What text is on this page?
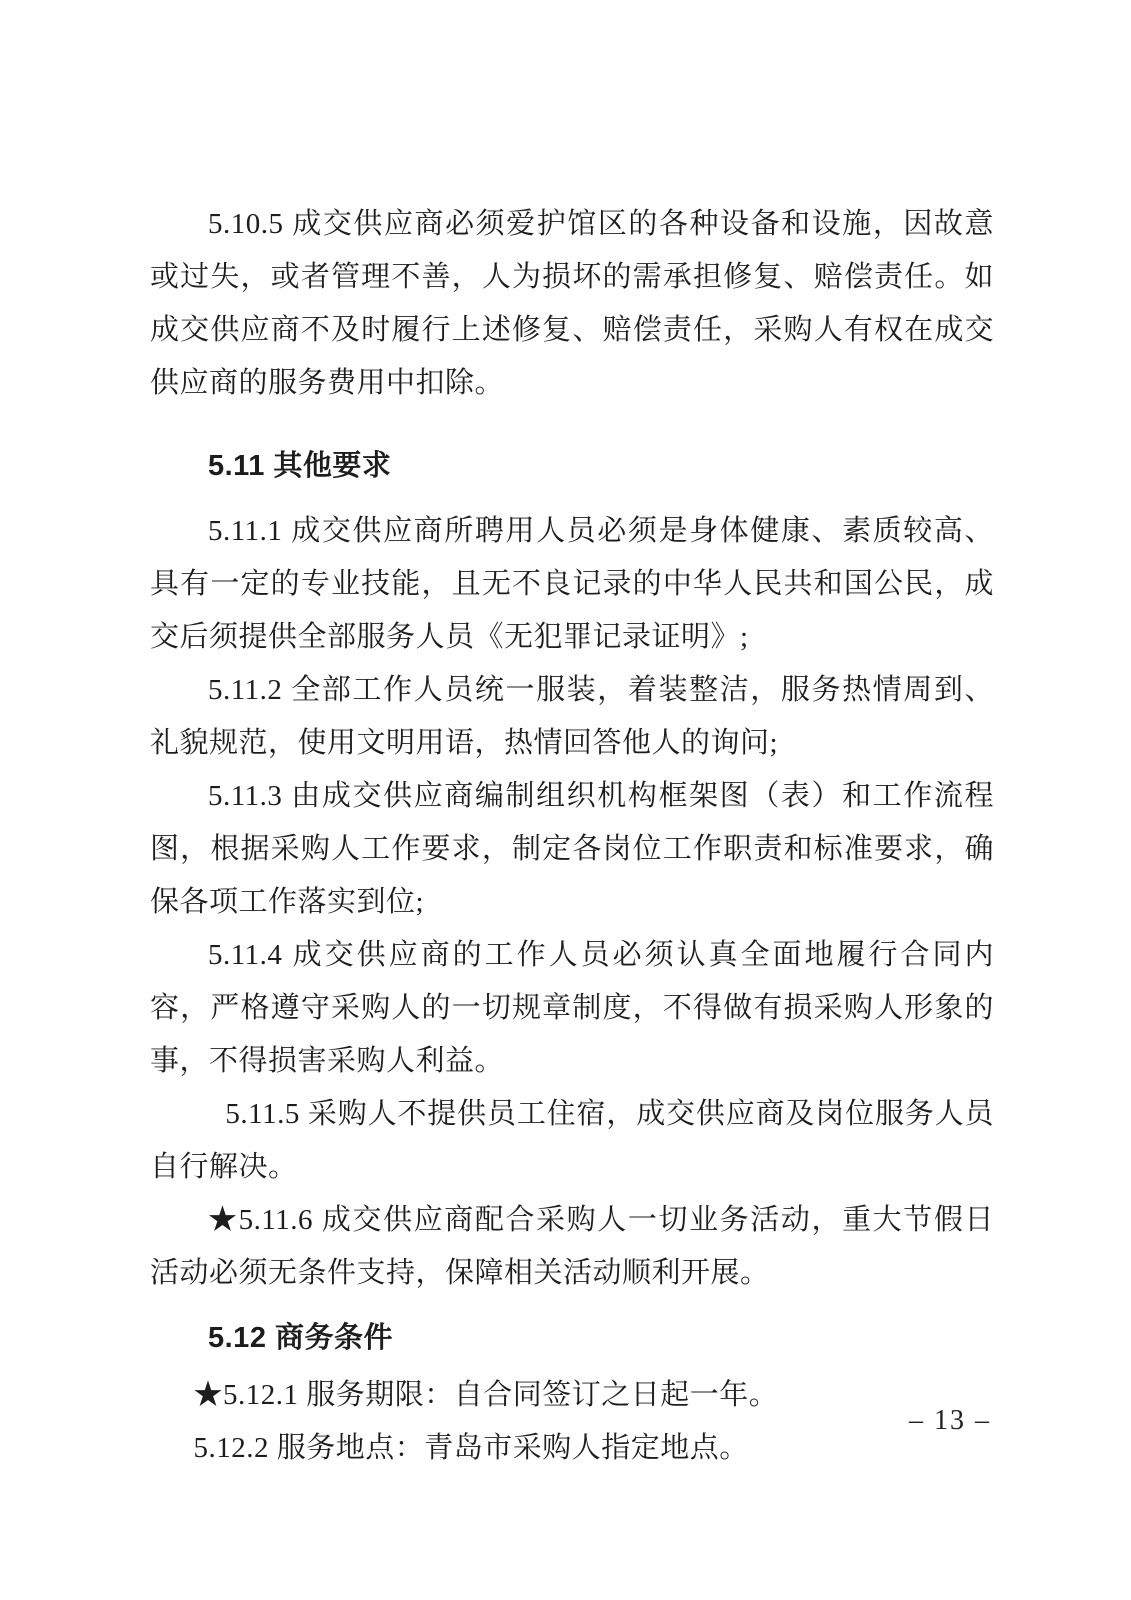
5.10.5 成交供应商必须爱护馆区的各种设备和设施，因故意或过失，或者管理不善，人为损坏的需承担修复、赔偿责任。如成交供应商不及时履行上述修复、赔偿责任，采购人有权在成交供应商的服务费用中扣除。

5.11 其他要求

5.11.1 成交供应商所聘用人员必须是身体健康、素质较高、具有一定的专业技能，且无不良记录的中华人民共和国公民，成交后须提供全部服务人员《无犯罪记录证明》;

5.11.2 全部工作人员统一服装，着装整洁，服务热情周到、礼貌规范，使用文明用语，热情回答他人的询问;

5.11.3 由成交供应商编制组织机构框架图（表）和工作流程图，根据采购人工作要求，制定各岗位工作职责和标准要求，确保各项工作落实到位;

5.11.4 成交供应商的工作人员必须认真全面地履行合同内容，严格遵守采购人的一切规章制度，不得做有损采购人形象的事，不得损害采购人利益。

5.11.5 采购人不提供员工住宿，成交供应商及岗位服务人员自行解决。

★5.11.6 成交供应商配合采购人一切业务活动，重大节假日活动必须无条件支持，保障相关活动顺利开展。

5.12 商务条件

★5.12.1 服务期限：自合同签订之日起一年。

5.12.2 服务地点：青岛市采购人指定地点。

– 13 –
